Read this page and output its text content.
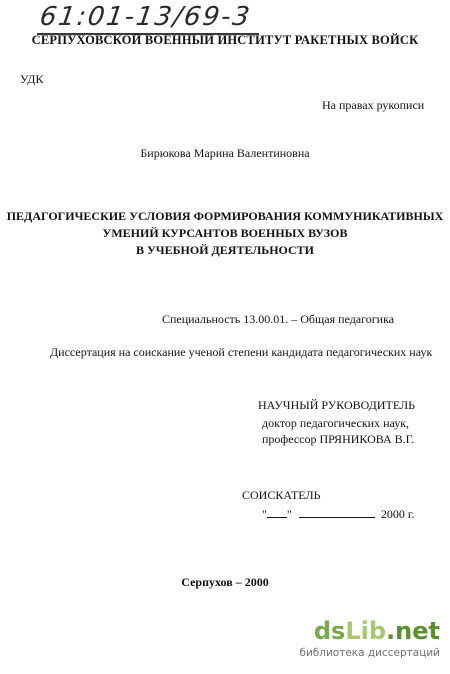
61:01-13/69-3
СЕРПУХОВСКОЙ ВОЕННЫЙ ИНСТИТУТ РАКЕТНЫХ ВОЙСК
УДК
На правах рукописи
Бирюкова Марина Валентиновна
ПЕДАГОГИЧЕСКИЕ УСЛОВИЯ ФОРМИРОВАНИЯ КОММУНИКАТИВНЫХ
УМЕНИЙ КУРСАНТОВ ВОЕННЫХ ВУЗОВ
В УЧЕБНОЙ ДЕЯТЕЛЬНОСТИ
Специальность 13.00.01. – Общая педагогика
Диссертация на соискание ученой степени кандидата педагогических наук
НАУЧНЫЙ РУКОВОДИТЕЛЬ
доктор педагогических наук,
профессор ПРЯНИКОВА В.Г.
СОИСКАТЕЛЬ
" "	2000 г.
Серпухов – 2000
dsLib.net
библиотека диссертаций
